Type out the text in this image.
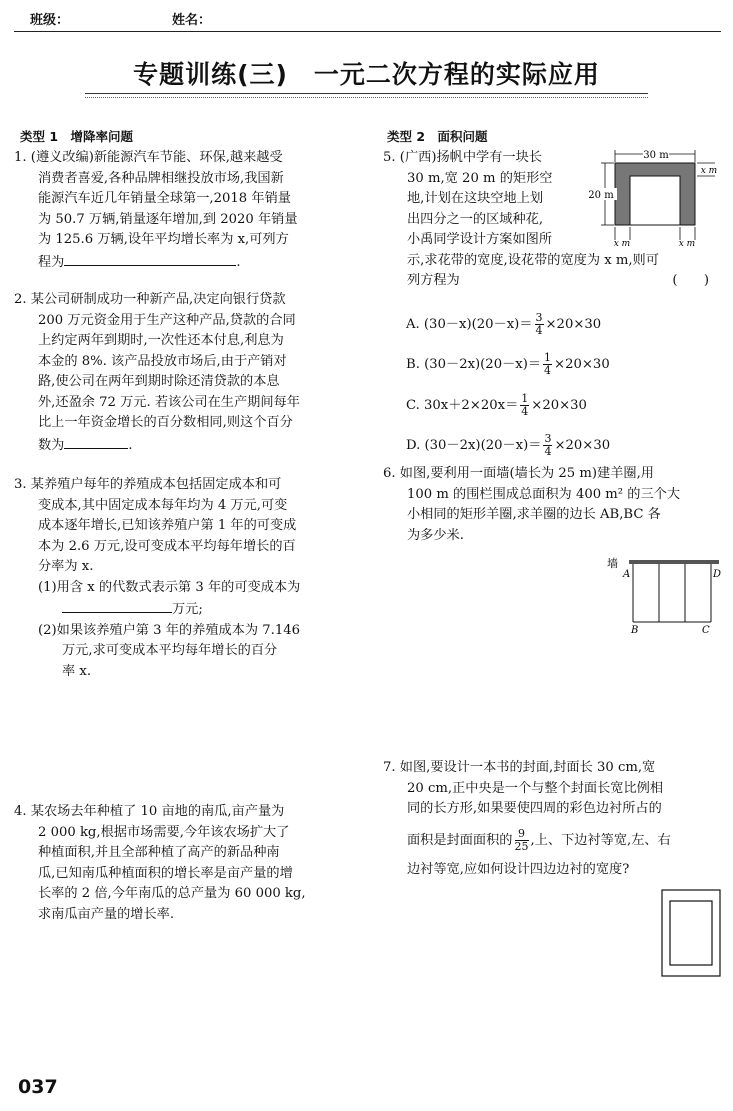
班级：	姓名：
专题训练(三)　一元二次方程的实际应用
类型 1　增降率问题
1. (遵义改编)新能源汽车节能、环保,越来越受
消费者喜爱,各种品牌相继投放市场,我国新
能源汽车近几年销量全球第一,2018 年销量
为 50.7 万辆,销量逐年增加,到 2020 年销量
为 125.6 万辆,设年平均增长率为 x,可列方
程为	.
2. 某公司研制成功一种新产品,决定向银行贷款
200 万元资金用于生产这种产品,贷款的合同
上约定两年到期时,一次性还本付息,利息为
本金的 8%. 该产品投放市场后,由于产销对
路,使公司在两年到期时除还清贷款的本息
外,还盈余 72 万元. 若该公司在生产期间每年
比上一年资金增长的百分数相同,则这个百分
数为	.
3. 某养殖户每年的养殖成本包括固定成本和可
变成本,其中固定成本每年均为 4 万元,可变
成本逐年增长,已知该养殖户第 1 年的可变成
本为 2.6 万元,设可变成本平均每年增长的百
分率为 x.
(1)用含 x 的代数式表示第 3 年的可变成本为
万元;
(2)如果该养殖户第 3 年的养殖成本为 7.146
万元,求可变成本平均每年增长的百分
率 x.
4. 某农场去年种植了 10 亩地的南瓜,亩产量为
2 000 kg,根据市场需要,今年该农场扩大了
种植面积,并且全部种植了高产的新品种南
瓜,已知南瓜种植面积的增长率是亩产量的增
长率的 2 倍,今年南瓜的总产量为 60 000 kg,
求南瓜亩产量的增长率.
类型 2　面积问题
5. (广西)扬帆中学有一块长
30 m,宽 20 m 的矩形空
地,计划在这块空地上划
出四分之一的区域种花,
小禹同学设计方案如图所
示,求花带的宽度,设花带的宽度为 x m,则可
列方程为	(　　)
30 m
20 m
x m
x m	x m
A. $(30-x)(20-x)= \frac{3}{4} \times 20\times 30$
B. $(30-2x)(20-x)= \frac{1}{4} \times 20\times 30$
C. $30x+2\times 20x= \frac{1}{4} \times 20\times 30$
D. $(30-2x)(20-x)= \frac{3}{4} \times 20\times 30$
6. 如图,要利用一面墙(墙长为 25 m)建羊圈,用
100 m 的围栏围成总面积为 400 m² 的三个大
小相同的矩形羊圈,求羊圈的边长 AB,BC 各
为多少米.
墙
A	D
B	C
7. 如图,要设计一本书的封面,封面长 30 cm,宽
20 cm,正中央是一个与整个封面长宽比例相
同的长方形,如果要使四周的彩色边衬所占的
面积是封面面积的 $\frac{9}{25}$ ,上、下边衬等宽,左、右
边衬等宽,应如何设计四边边衬的宽度?
037
